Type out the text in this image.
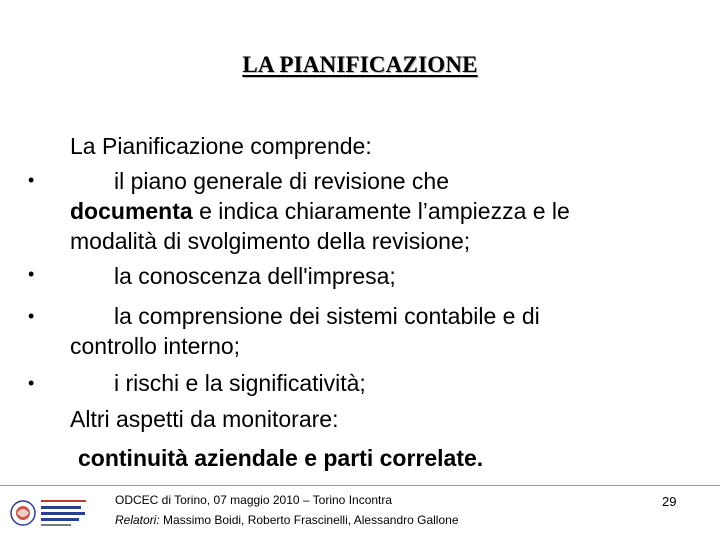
LA PIANIFICAZIONE
La Pianificazione comprende:
•	il piano generale di revisione che
documenta e indica chiaramente l’ampiezza e le
modalità di svolgimento della revisione;
•	la conoscenza dell'impresa;
•	la comprensione dei sistemi contabile e di
controllo interno;
•	i rischi e la significatività;
Altri aspetti da monitorare:
continuità aziendale e parti correlate.
ODCEC di Torino, 07 maggio 2010 – Torino Incontra
Relatori: Massimo Boidi, Roberto Frascinelli, Alessandro Gallone
29
